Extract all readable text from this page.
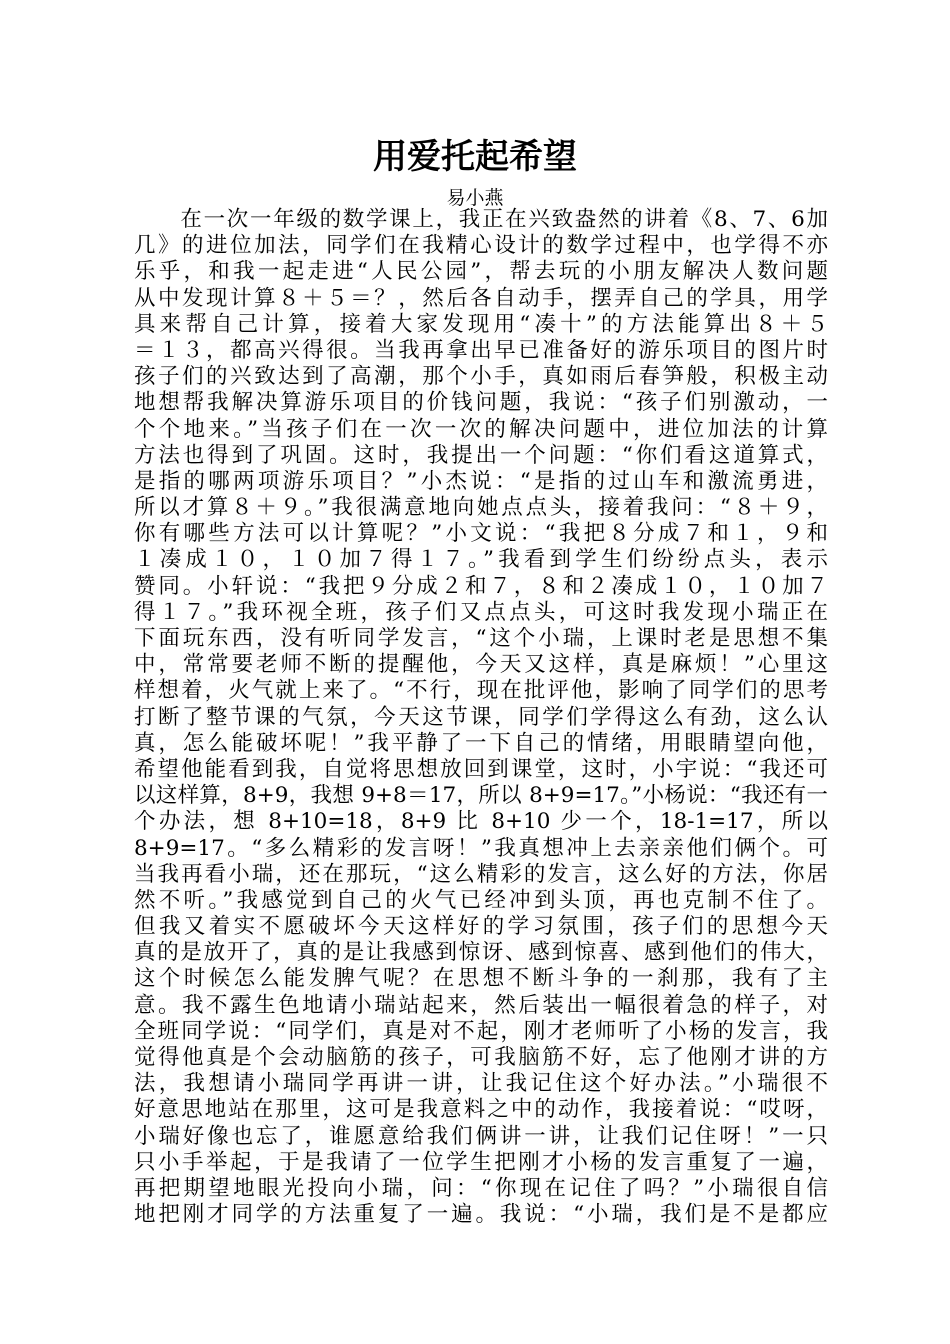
用爱托起希望
易小燕
　　在一次一年级的数学课上，我正在兴致盎然的讲着《8、7、6加
几》的进位加法，同学们在我精心设计的数学过程中，也学得不亦
乐乎，和我一起走进“人民公园”，帮去玩的小朋友解决人数问题
从中发现计算８＋５＝？，然后各自动手，摆弄自己的学具，用学
具来帮自己计算，接着大家发现用“凑十”的方法能算出８＋５
＝１３，都高兴得很。当我再拿出早已准备好的游乐项目的图片时
孩子们的兴致达到了高潮，那个小手，真如雨后春笋般，积极主动
地想帮我解决算游乐项目的价钱问题，我说：“孩子们别激动，一
个个地来。”当孩子们在一次一次的解决问题中，进位加法的计算
方法也得到了巩固。这时，我提出一个问题：“你们看这道算式，
是指的哪两项游乐项目？”小杰说：“是指的过山车和激流勇进，
所以才算８＋９。”我很满意地向她点点头，接着我问：“８＋９，
你有哪些方法可以计算呢？”小文说：“我把８分成７和１，９和
１凑成１０，１０加７得１７。”我看到学生们纷纷点头，表示
赞同。小轩说：“我把９分成２和７，８和２凑成１０，１０加７
得１７。”我环视全班，孩子们又点点头，可这时我发现小瑞正在
下面玩东西，没有听同学发言，“这个小瑞，上课时老是思想不集
中，常常要老师不断的提醒他，今天又这样，真是麻烦！”心里这
样想着，火气就上来了。“不行，现在批评他，影响了同学们的思考
打断了整节课的气氛，今天这节课，同学们学得这么有劲，这么认
真，怎么能破坏呢！”我平静了一下自己的情绪，用眼睛望向他，
希望他能看到我，自觉将思想放回到课堂，这时，小宇说：“我还可
以这样算，8+9，我想 9+8＝17，所以 8+9=17。”小杨说：“我还有一
个办法，想 8+10=18，8+9 比 8+10 少一个，18-1=17，所以
8+9=17。“多么精彩的发言呀！”我真想冲上去亲亲他们俩个。可
当我再看小瑞，还在那玩，“这么精彩的发言，这么好的方法，你居
然不听。”我感觉到自己的火气已经冲到头顶，再也克制不住了。
但我又着实不愿破坏今天这样好的学习氛围，孩子们的思想今天
真的是放开了，真的是让我感到惊讶、感到惊喜、感到他们的伟大，
这个时候怎么能发脾气呢？在思想不断斗争的一刹那，我有了主
意。我不露生色地请小瑞站起来，然后装出一幅很着急的样子，对
全班同学说：“同学们，真是对不起，刚才老师听了小杨的发言，我
觉得他真是个会动脑筋的孩子，可我脑筋不好，忘了他刚才讲的方
法，我想请小瑞同学再讲一讲，让我记住这个好办法。”小瑞很不
好意思地站在那里，这可是我意料之中的动作，我接着说：“哎呀，
小瑞好像也忘了，谁愿意给我们俩讲一讲，让我们记住呀！”一只
只小手举起，于是我请了一位学生把刚才小杨的发言重复了一遍，
再把期望地眼光投向小瑞，问：“你现在记住了吗？”小瑞很自信
地把刚才同学的方法重复了一遍。我说：“小瑞，我们是不是都应
